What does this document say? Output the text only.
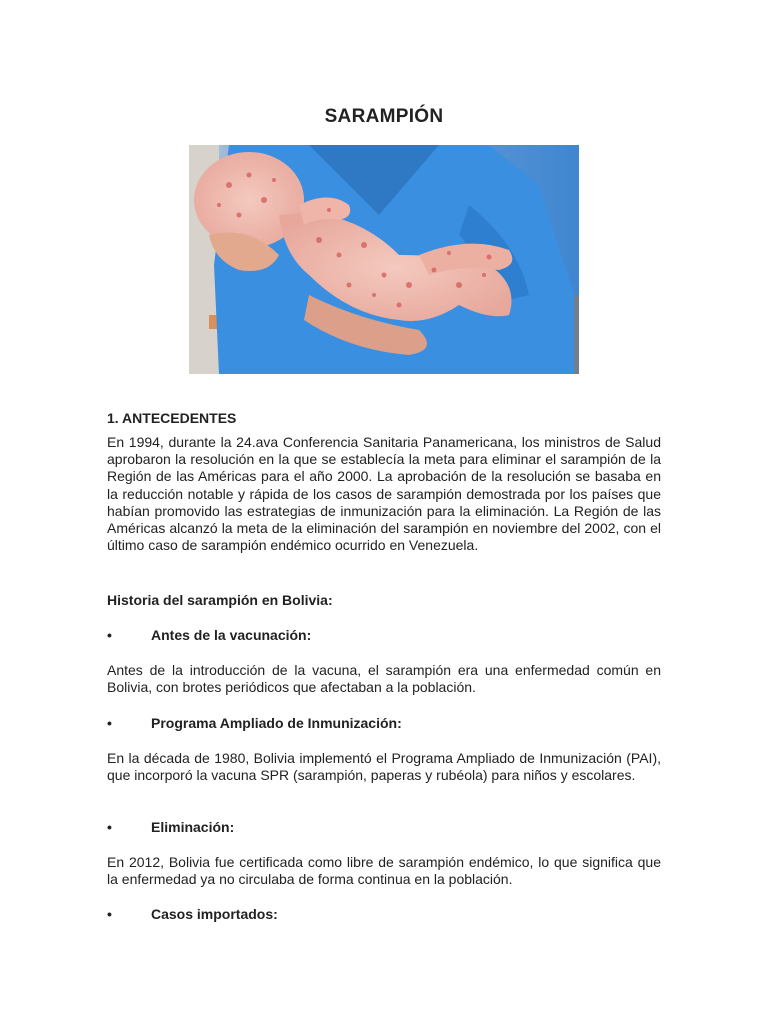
SARAMPIÓN
1. ANTECEDENTES
En 1994, durante la 24.ava Conferencia Sanitaria Panamericana, los ministros de Salud aprobaron la resolución en la que se establecía la meta para eliminar el sarampión de la Región de las Américas para el año 2000. La aprobación de la resolución se basaba en la reducción notable y rápida de los casos de sarampión demostrada por los países que habían promovido las estrategias de inmunización para la eliminación. La Región de las Américas alcanzó la meta de la eliminación del sarampión en noviembre del 2002, con el último caso de sarampión endémico ocurrido en Venezuela.
Historia del sarampión en Bolivia:
•	Antes de la vacunación:
Antes de la introducción de la vacuna, el sarampión era una enfermedad común en Bolivia, con brotes periódicos que afectaban a la población.
•	Programa Ampliado de Inmunización:
En la década de 1980, Bolivia implementó el Programa Ampliado de Inmunización (PAI), que incorporó la vacuna SPR (sarampión, paperas y rubéola) para niños y escolares.
•	Eliminación:
En 2012, Bolivia fue certificada como libre de sarampión endémico, lo que significa que la enfermedad ya no circulaba de forma continua en la población.
•	Casos importados:
